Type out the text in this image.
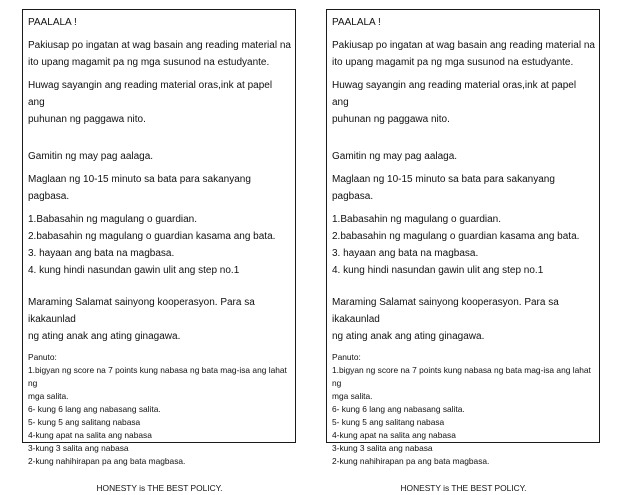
PAALALA !

Pakiusap po ingatan at wag basain ang reading material na

ito upang magamit pa ng mga susunod na estudyante.

Huwag sayangin ang reading material oras,ink at papel ang

puhunan ng paggawa nito.

Gamitin ng may pag aalaga.

Maglaan ng 10-15 minuto sa bata para sakanyang pagbasa.

1.Babasahin ng magulang o guardian.

2.babasahin ng magulang o guardian kasama ang bata.

3. hayaan ang bata na magbasa.

4. kung hindi nasundan gawin ulit ang step no.1

Maraming Salamat sainyong kooperasyon. Para sa ikakaunlad

ng ating anak ang ating ginagawa.

Panuto:

1.bigyan ng score na 7 points kung nabasa ng bata mag-isa ang lahat ng

mga salita.

6- kung 6 lang ang nabasang salita.

5- kung 5 ang salitang nabasa

4-kung apat na salita ang nabasa

3-kung 3 salita ang nabasa

2-kung nahihirapan pa ang bata magbasa.

HONESTY is THE BEST POLICY.

PAALALA !

Pakiusap po ingatan at wag basain ang reading material na

ito upang magamit pa ng mga susunod na estudyante.

Huwag sayangin ang reading material oras,ink at papel ang

puhunan ng paggawa nito.

Gamitin ng may pag aalaga.

Maglaan ng 10-15 minuto sa bata para sakanyang pagbasa.

1.Babasahin ng magulang o guardian.

2.babasahin ng magulang o guardian kasama ang bata.

3. hayaan ang bata na magbasa.

4. kung hindi nasundan gawin ulit ang step no.1

Maraming Salamat sainyong kooperasyon. Para sa ikakaunlad

ng ating anak ang ating ginagawa.

Panuto:

1.bigyan ng score na 7 points kung nabasa ng bata mag-isa ang lahat ng

mga salita.

6- kung 6 lang ang nabasang salita.

5- kung 5 ang salitang nabasa

4-kung apat na salita ang nabasa

3-kung 3 salita ang nabasa

2-kung nahihirapan pa ang bata magbasa.

HONESTY is THE BEST POLICY.
